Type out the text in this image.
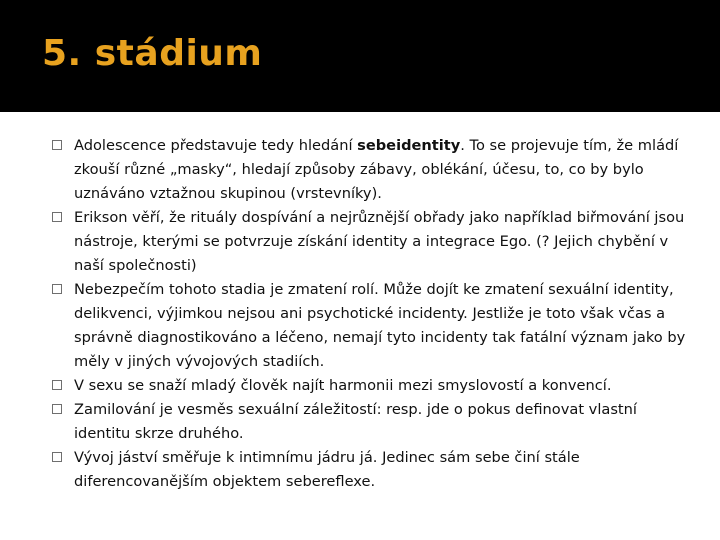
5. stádium
Adolescence představuje tedy hledání sebeidentity. To se projevuje tím, že mládí zkouší různé „masky“, hledají způsoby zábavy, oblékání, účesu, to, co by bylo uznáváno vztažnou skupinou (vrstevníky).
Erikson věří, že rituály dospívání a nejrůznější obřady jako například biřmování jsou nástroje, kterými se potvrzuje získání identity a integrace Ego. (? Jejich chybění v naší společnosti)
Nebezpečím tohoto stadia je zmatení rolí. Může dojít ke zmatení sexuální identity, delikvenci, výjimkou nejsou ani psychotické incidenty. Jestliže je toto však včas a správně diagnostikováno a léčeno, nemají tyto incidenty tak fatální význam jako by měly v jiných vývojových stadiích.
V sexu se snaží mladý člověk najít harmonii mezi smyslovostí a konvencí.
Zamilování je vesměs sexuální záležitostí: resp. jde o pokus definovat vlastní identitu skrze druhého.
Vývoj jáství směřuje k intimnímu jádru já. Jedinec sám sebe činí stále diferencovanějším objektem sebereflexe.
